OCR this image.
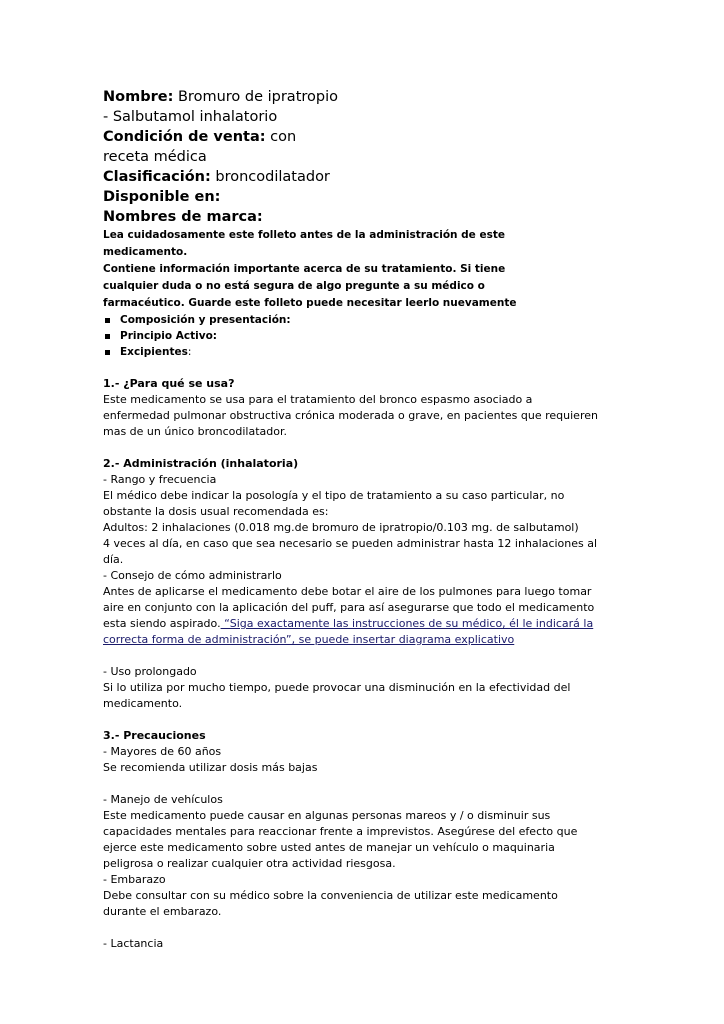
Nombre: Bromuro de ipratropio - Salbutamol inhalatorio

Condición de venta: con receta médica

Clasificación: broncodilatador

Disponible en:

Nombres de marca:

Lea cuidadosamente este folleto antes de la administración de este medicamento.

Contiene información importante acerca de su tratamiento. Si tiene cualquier duda o no está segura de algo pregunte a su médico o farmacéutico. Guarde este folleto puede necesitar leerlo nuevamente

Composición y presentación:
Principio Activo:
Excipientes:

1.- ¿Para qué se usa?

Este medicamento se usa para el tratamiento del bronco espasmo asociado a enfermedad pulmonar obstructiva crónica moderada o grave, en pacientes que requieren mas de un único broncodilatador.

2.- Administración (inhalatoria)

- Rango y frecuencia

El médico debe indicar la posología y el tipo de tratamiento a su caso particular, no obstante la dosis usual recomendada es:

Adultos: 2 inhalaciones (0.018 mg.de bromuro de ipratropio/0.103 mg. de salbutamol)

4 veces al día, en caso que sea necesario se pueden administrar hasta 12 inhalaciones al día.

- Consejo de cómo administrarlo

Antes de aplicarse el medicamento debe botar el aire de los pulmones para luego tomar aire en conjunto con la aplicación del puff, para así asegurarse que todo el medicamento esta siendo aspirado. “Siga exactamente las instrucciones de su médico, él le indicará la correcta forma de administración”, se puede insertar diagrama explicativo

- Uso prolongado

Si lo utiliza por mucho tiempo, puede provocar una disminución en la efectividad del medicamento.

3.- Precauciones

- Mayores de 60 años

Se recomienda utilizar dosis más bajas

- Manejo de vehículos

Este medicamento puede causar en algunas personas mareos y / o disminuir sus capacidades mentales para reaccionar frente a imprevistos. Asegúrese del efecto que ejerce este medicamento sobre usted antes de manejar un vehículo o maquinaria peligrosa o realizar cualquier otra actividad riesgosa.

- Embarazo

Debe consultar con su médico sobre la conveniencia de utilizar este medicamento durante el embarazo.

- Lactancia
